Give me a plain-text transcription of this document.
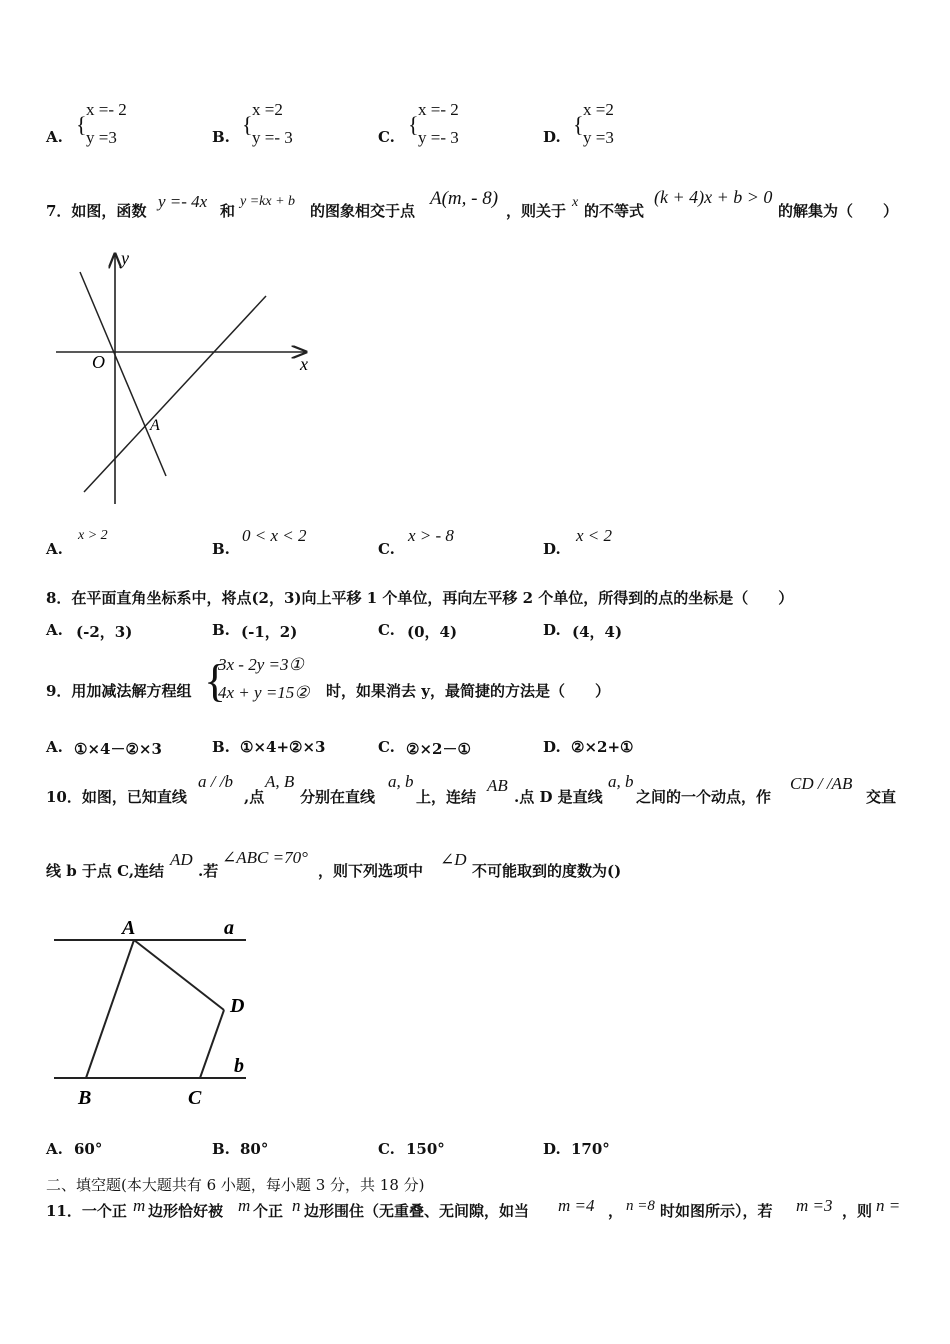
A. {
x =- 2
y =3	B. {
x =2
y =- 3	C. {
x =- 2
y =- 3	D. {
x =2
y =3
7．如图，函数 y =- 4x 和
y =kx + b
的图象相交于点
A(m, - 8)
，则关于 x 的不等式
(k + 4)x + b > 0
的解集为（　　）
y
x
O
A
A.
x > 2
B.
0 < x < 2
C.
x > - 8
D.
x < 2
8．在平面直角坐标系中，将点(2，3)向上平移 1 个单位，再向左平移 2 个单位，所得到的点的坐标是（　　）
A. (-2，3)	B. (-1，2)	C. (0，4)	D. (4，4)
9．用加减法解方程组 {
3x - 2y =3①
4x + y =15② 时，如果消去 y，最简捷的方法是（　　）
A. ①×4－②×3	B. ①×4+②×3	C. ②×2－①	D. ②×2+①
10．如图，已知直线
a / /b
,点
A, B
分别在直线
a, b
上，连结
AB
.点 D 是直线
a, b
之间的一个动点，作
CD / /AB
交直
线 b 于点 C,连结
AD
.若
∠ABC =70°
，则下列选项中
∠D
不可能取到的度数为()
A	a
D
b
B	C
A. 60°	B. 80°	C. 150°	D. 170°
二、填空题(本大题共有 6 小题，每小题 3 分，共 18 分)
11．一个正 m 边形恰好被 m 个正 n 边形围住（无重叠、无间隙，如当 m =4 ， n =8 时如图所示），若 m =3 ，则 n =
